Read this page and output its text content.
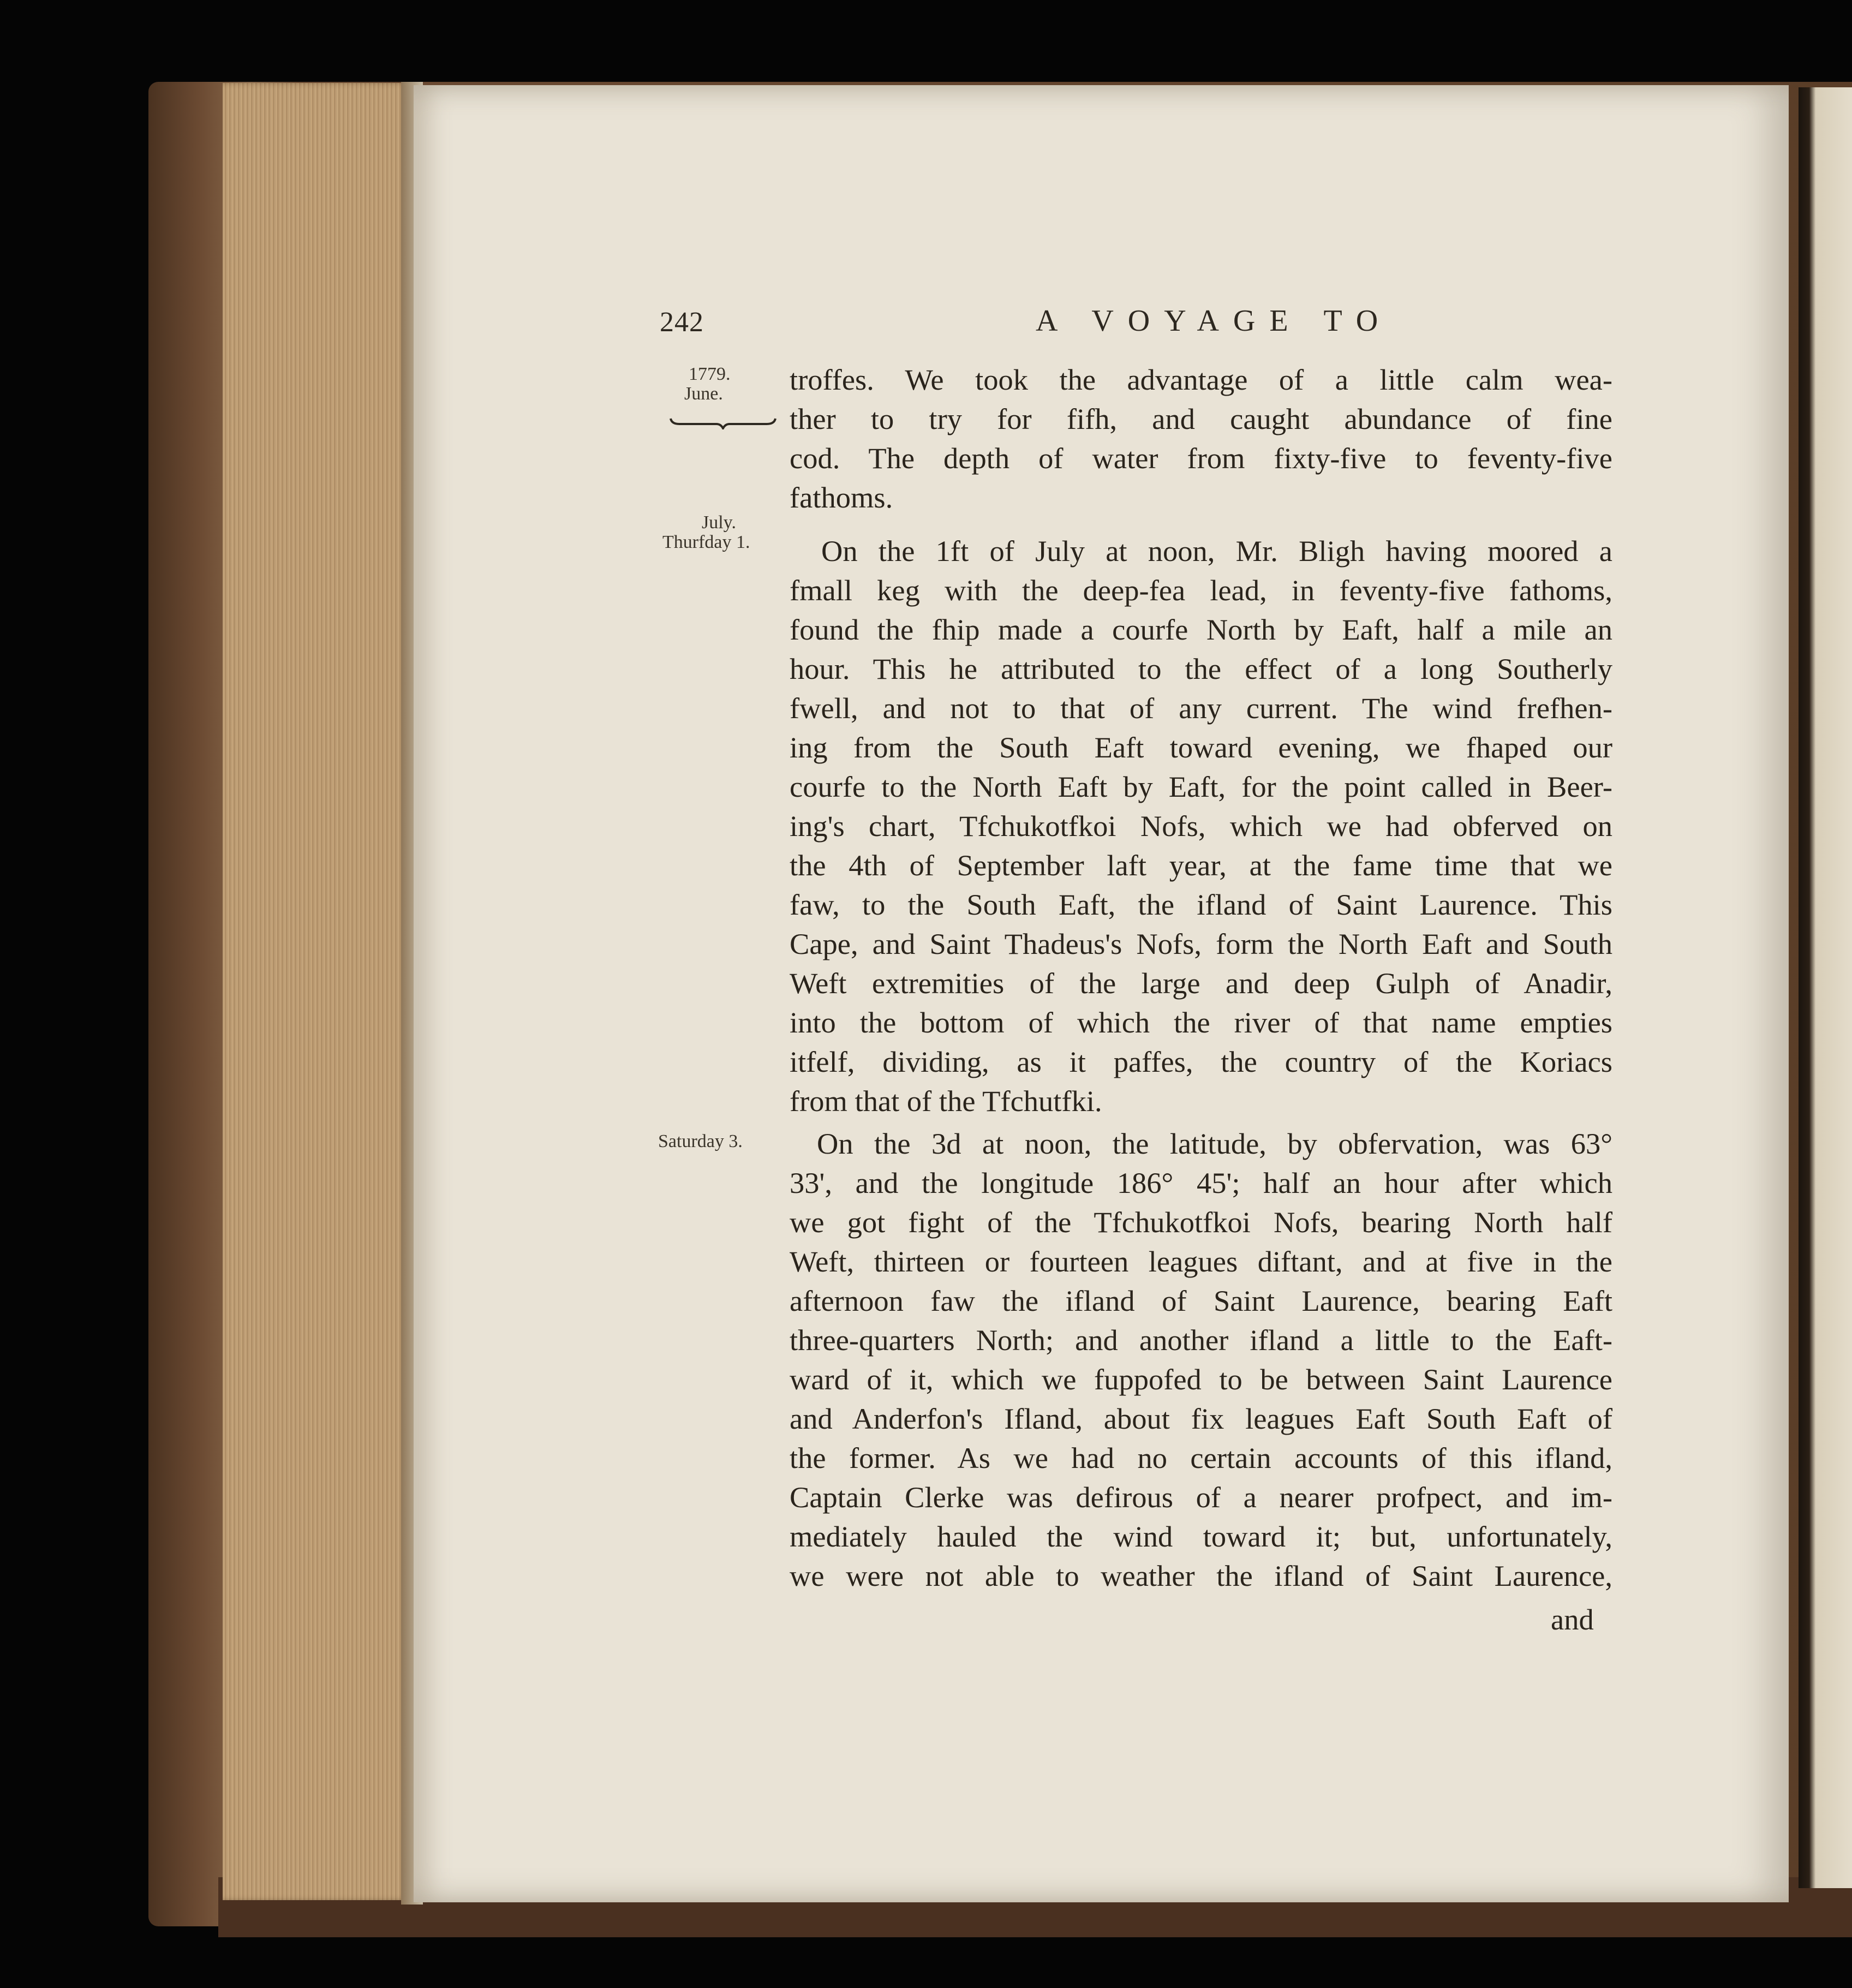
242	A VOYAGE TO
1779.
June.
July.
Thurfday 1.
Saturday 3.
troffes. We took the advantage of a little calm wea-
ther to try for fifh, and caught abundance of fine
cod. The depth of water from fixty-five to feventy-five
fathoms.
On the 1ft of July at noon, Mr. Bligh having moored a
fmall keg with the deep-fea lead, in feventy-five fathoms,
found the fhip made a courfe North by Eaft, half a mile an
hour. This he attributed to the effect of a long Southerly
fwell, and not to that of any current. The wind frefhen-
ing from the South Eaft toward evening, we fhaped our
courfe to the North Eaft by Eaft, for the point called in Beer-
ing's chart, Tfchukotfkoi Nofs, which we had obferved on
the 4th of September laft year, at the fame time that we
faw, to the South Eaft, the ifland of Saint Laurence. This
Cape, and Saint Thadeus's Nofs, form the North Eaft and South
Weft extremities of the large and deep Gulph of Anadir,
into the bottom of which the river of that name empties
itfelf, dividing, as it paffes, the country of the Koriacs
from that of the Tfchutfki.
On the 3d at noon, the latitude, by obfervation, was 63°
33', and the longitude 186° 45'; half an hour after which
we got fight of the Tfchukotfkoi Nofs, bearing North half
Weft, thirteen or fourteen leagues diftant, and at five in the
afternoon faw the ifland of Saint Laurence, bearing Eaft
three-quarters North; and another ifland a little to the Eaft-
ward of it, which we fuppofed to be between Saint Laurence
and Anderfon's Ifland, about fix leagues Eaft South Eaft of
the former. As we had no certain accounts of this ifland,
Captain Clerke was defirous of a nearer profpect, and im-
mediately hauled the wind toward it; but, unfortunately,
we were not able to weather the ifland of Saint Laurence,
and
